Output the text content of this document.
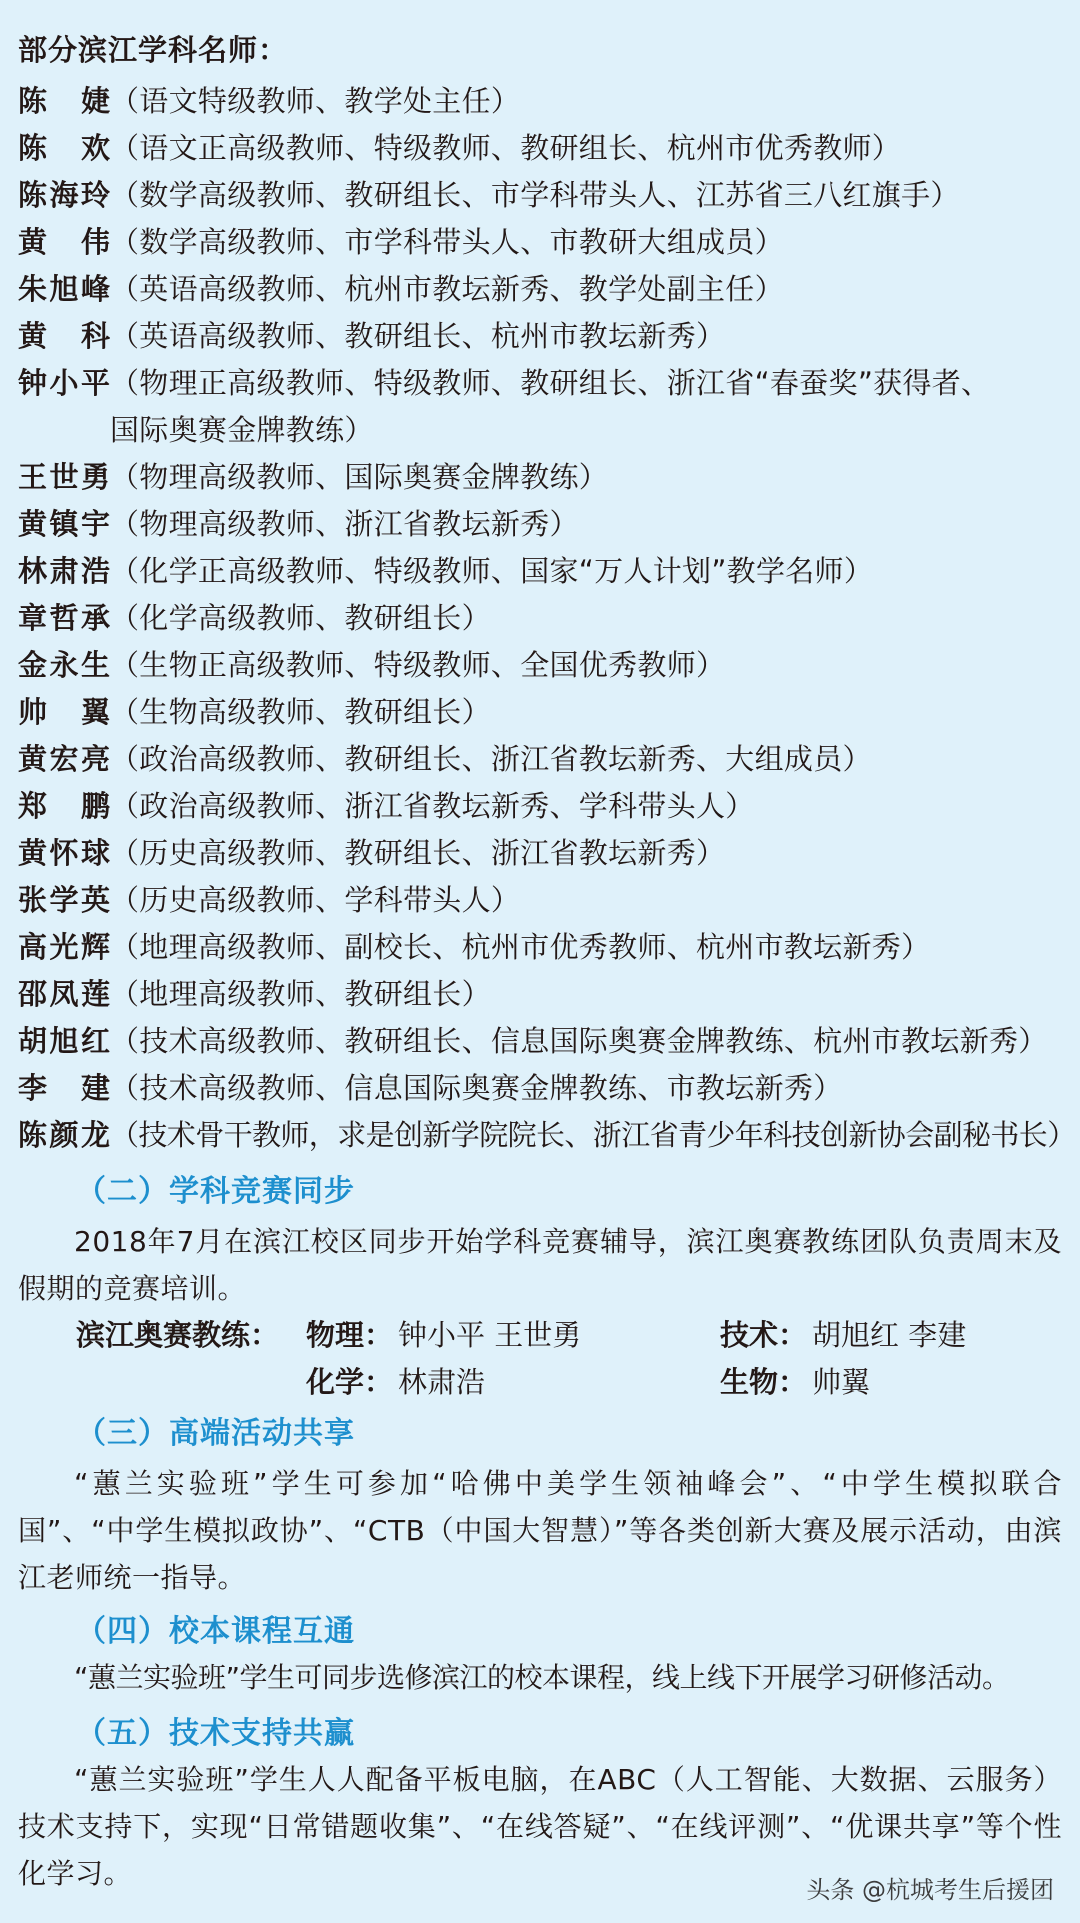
部分滨江学科名师：
陈 婕 （语文特级教师、教学处主任）
陈 欢 （语文正高级教师、特级教师、教研组长、杭州市优秀教师）
陈海玲 （数学高级教师、教研组长、市学科带头人、江苏省三八红旗手）
黄 伟 （数学高级教师、市学科带头人、市教研大组成员）
朱旭峰 （英语高级教师、杭州市教坛新秀、教学处副主任）
黄 科 （英语高级教师、教研组长、杭州市教坛新秀）
钟小平 （物理正高级教师、特级教师、教研组长、浙江省“春蚕奖”获得者、
国际奥赛金牌教练）
王世勇 （物理高级教师、国际奥赛金牌教练）
黄镇宇 （物理高级教师、浙江省教坛新秀）
林肃浩 （化学正高级教师、特级教师、国家“万人计划”教学名师）
章哲承 （化学高级教师、教研组长）
金永生 （生物正高级教师、特级教师、全国优秀教师）
帅 翼 （生物高级教师、教研组长）
黄宏亮 （政治高级教师、教研组长、浙江省教坛新秀、大组成员）
郑 鹏 （政治高级教师、浙江省教坛新秀、学科带头人）
黄怀球 （历史高级教师、教研组长、浙江省教坛新秀）
张学英 （历史高级教师、学科带头人）
高光辉 （地理高级教师、副校长、杭州市优秀教师、杭州市教坛新秀）
邵凤莲 （地理高级教师、教研组长）
胡旭红 （技术高级教师、教研组长、信息国际奥赛金牌教练、杭州市教坛新秀）
李 建 （技术高级教师、信息国际奥赛金牌教练、市教坛新秀）
陈颜龙 （技术骨干教师，求是创新学院院长、浙江省青少年科技创新协会副秘书长）
（二）学科竞赛同步
2018年7月在滨江校区同步开始学科竞赛辅导，滨江奥赛教练团队负责周末及假期的竞赛培训。
滨江奥赛教练： 物理： 钟小平 王世勇	技术： 胡旭红 李建
化学： 林肃浩	生物： 帅翼
（三）高端活动共享
“蕙兰实验班”学生可参加“哈佛中美学生领袖峰会”、“中学生模拟联合国”、“中学生模拟政协”、“CTB（中国大智慧）”等各类创新大赛及展示活动，由滨江老师统一指导。
（四）校本课程互通
“蕙兰实验班”学生可同步选修滨江的校本课程，线上线下开展学习研修活动。
（五）技术支持共赢
“蕙兰实验班”学生人人配备平板电脑，在ABC（人工智能、大数据、云服务）技术支持下，实现“日常错题收集”、“在线答疑”、“在线评测”、“优课共享”等个性化学习。	头条 @杭城考生后援团
